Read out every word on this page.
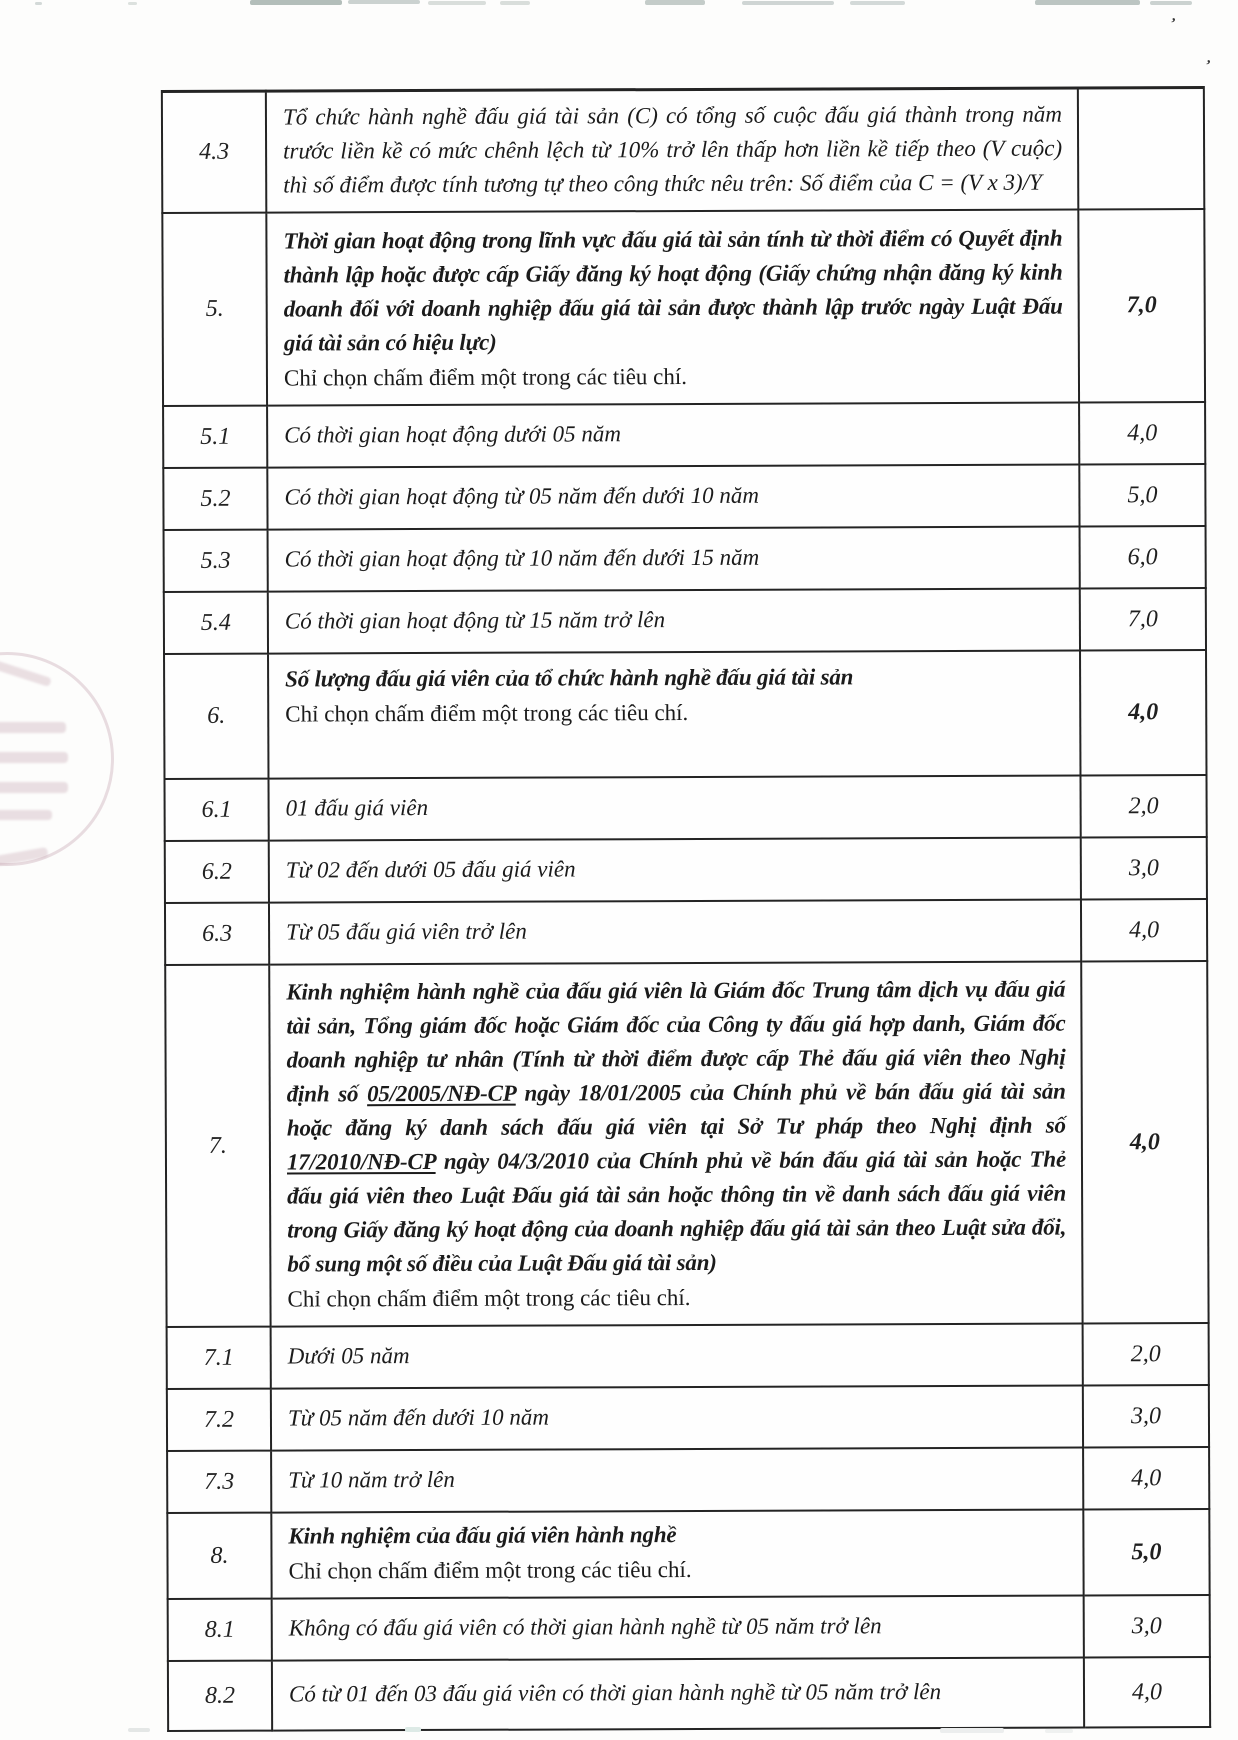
’
’
4.3	Tổ chức hành nghề đấu giá tài sản (C) có tổng số cuộc đấu giá thành trong năm trước liền kề có mức chênh lệch từ 10% trở lên thấp hơn liền kề tiếp theo (V cuộc) thì số điểm được tính tương tự theo công thức nêu trên: Số điểm của C = (V x 3)/Y	

5.	Thời gian hoạt động trong lĩnh vực đấu giá tài sản tính từ thời điểm có Quyết định thành lập hoặc được cấp Giấy đăng ký hoạt động (Giấy chứng nhận đăng ký kinh doanh đối với doanh nghiệp đấu giá tài sản được thành lập trước ngày Luật Đấu giá tài sản có hiệu lực)
Chỉ chọn chấm điểm một trong các tiêu chí.	7,0
5.1	Có thời gian hoạt động dưới 05 năm	4,0
5.2	Có thời gian hoạt động từ 05 năm đến dưới 10 năm	5,0
5.3	Có thời gian hoạt động từ 10 năm đến dưới 15 năm	6,0
5.4	Có thời gian hoạt động từ 15 năm trở lên	7,0
6.	Số lượng đấu giá viên của tổ chức hành nghề đấu giá tài sản
Chỉ chọn chấm điểm một trong các tiêu chí.	4,0
6.1	01 đấu giá viên	2,0
6.2	Từ 02 đến dưới 05 đấu giá viên	3,0
6.3	Từ 05 đấu giá viên trở lên	4,0
7.	Kinh nghiệm hành nghề của đấu giá viên là Giám đốc Trung tâm dịch vụ đấu giá tài sản, Tổng giám đốc hoặc Giám đốc của Công ty đấu giá hợp danh, Giám đốc doanh nghiệp tư nhân (Tính từ thời điểm được cấp Thẻ đấu giá viên theo Nghị định số 05/2005/NĐ-CP ngày 18/01/2005 của Chính phủ về bán đấu giá tài sản hoặc đăng ký danh sách đấu giá viên tại Sở Tư pháp theo Nghị định số 17/2010/NĐ-CP ngày 04/3/2010 của Chính phủ về bán đấu giá tài sản hoặc Thẻ đấu giá viên theo Luật Đấu giá tài sản hoặc thông tin về danh sách đấu giá viên trong Giấy đăng ký hoạt động của doanh nghiệp đấu giá tài sản theo Luật sửa đổi, bổ sung một số điều của Luật Đấu giá tài sản)
Chỉ chọn chấm điểm một trong các tiêu chí.	4,0
7.1	Dưới 05 năm	2,0
7.2	Từ 05 năm đến dưới 10 năm	3,0
7.3	Từ 10 năm trở lên	4,0
8.	Kinh nghiệm của đấu giá viên hành nghề
Chỉ chọn chấm điểm một trong các tiêu chí.	5,0
8.1	Không có đấu giá viên có thời gian hành nghề từ 05 năm trở lên	3,0
8.2	Có từ 01 đến 03 đấu giá viên có thời gian hành nghề từ 05 năm trở lên	4,0
